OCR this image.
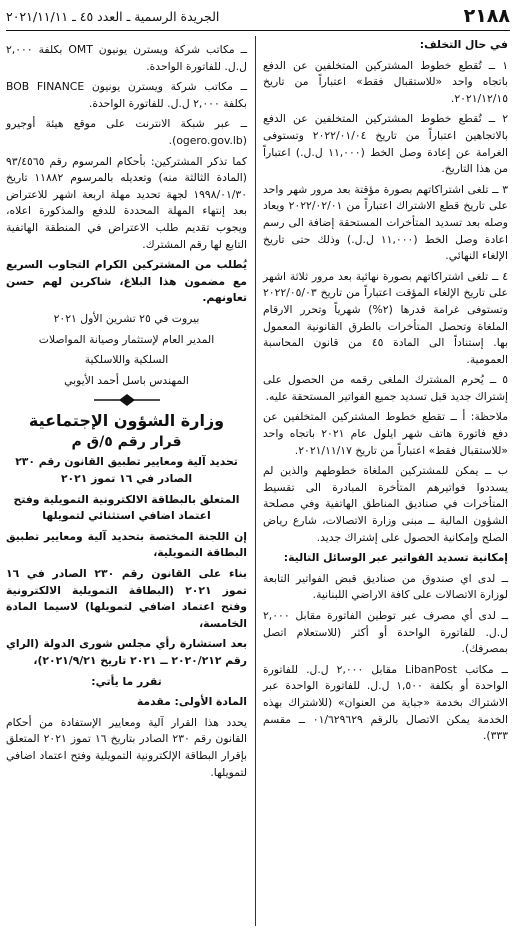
٢١٨٨
الجريدة الرسمية ـ العدد ٤٥ ـ ٢٠٢١/١١/١١

في حال التخلف:

١ ــ تُقطع خطوط المشتركين المتخلفين عن الدفع باتجاه واحد «للاستقبال فقط» اعتباراً من تاريخ ٢٠٢١/١٢/١٥.

٢ ــ تُقطع خطوط المشتركين المتخلفين عن الدفع بالاتجاهين اعتباراً من تاريخ ٢٠٢٢/٠١/٠٤ وتستوفى الغرامة عن إعادة وصل الخط (١١,٠٠٠ ل.ل.) اعتباراً من هذا التاريخ.

٣ ــ تلغى اشتراكاتهم بصورة مؤقتة بعد مرور شهر واحد على تاريخ قطع الاشتراك اعتباراً من ٢٠٢٢/٠٢/٠١ ويعاد وصله بعد تسديد المتأخرات المستحقة إضافة الى رسم اعادة وصل الخط (١١,٠٠٠ ل.ل.) وذلك حتى تاريخ الإلغاء النهائي.

٤ ــ تلغى اشتراكاتهم بصورة نهائية بعد مرور ثلاثة اشهر على تاريخ الإلغاء المؤقت اعتباراً من تاريخ ٢٠٢٢/٠٥/٠٣ وتستوفى غرامة قدرها (٢%) شهرياً وتحرر الارقام الملغاة وتحصل المتأخرات بالطرق القانونية المعمول بها. إستناداً الى المادة ٤٥ من قانون المحاسبة العمومية.

٥ ــ يُحرم المشترك الملغى رقمه من الحصول على إشتراك جديد قبل تسديد جميع الفواتير المستحقة عليه.

ملاحظة: أ ــ تقطع خطوط المشتركين المتخلفين عن دفع فاتورة هاتف شهر ايلول عام ٢٠٢١ باتجاه واحد «للاستقبال فقط» اعتباراً من تاريخ ٢٠٢١/١١/١٧.

ب ــ يمكن للمشتركين الملغاة خطوطهم والذين لم يسددوا فواتيرهم المتأخرة المبادرة الى تقسيط المتأخرات في صناديق المناطق الهاتفية وفي مصلحة الشؤون المالية ــ مبنى وزارة الاتصالات، شارع رياض الصلح وإمكانية الحصول على إشتراك جديد.

إمكانية تسديد الفواتير عبر الوسائل التالية:

ــ لدى اي صندوق من صناديق قبض الفواتير التابعة لوزارة الاتصالات على كافة الاراضي اللبنانية.

ــ لدى أي مصرف عبر توطين الفاتورة مقابل ٢,٠٠٠ ل.ل. للفاتورة الواحدة أو أكثر (للاستعلام اتصل بمصرفك).

ــ مكاتب LibanPost مقابل ٢,٠٠٠ ل.ل. للفاتورة الواحدة أو بكلفة ١,٥٠٠ ل.ل. للفاتورة الواحدة عبر الاشتراك بخدمة «جباية من العنوان» (للاشتراك بهذه الخدمة يمكن الاتصال بالرقم ٠١/٦٢٩٦٢٩ ــ مقسم ٣٣٣).

ــ مكاتب شركة ويسترن يونيون OMT بكلفة ٢,٠٠٠ ل.ل. للفاتورة الواحدة.

ــ مكاتب شركة ويسترن يونيون BOB FINANCE بكلفة ٢,٠٠٠ ل.ل. للفاتورة الواحدة.

ــ عبر شبكة الانترنت على موقع هيئة أوجيرو (ogero.gov.lb).

كما تذكر المشتركين: بأحكام المرسوم رقم ٩٣/٤٥٦٥ (المادة الثالثة منه) وتعديله بالمرسوم ١١٨٨٢ تاريخ ١٩٩٨/٠١/٣٠ لجهة تحديد مهلة اربعة اشهر للاعتراض بعد إنتهاء المهلة المحددة للدفع والمذكورة اعلاه، ويجوب تقديم طلب الاعتراض في المنطقة الهاتفية التابع لها رقم المشترك.

يُطلب من المشتركين الكرام التجاوب السريع مع مضمون هذا البلاغ، شاكرين لهم حسن تعاونهم.

بيروت في ٢٥ تشرين الأول ٢٠٢١

المدير العام لإستثمار وصيانة المواصلات

السلكية واللاسلكية

المهندس باسل أحمد الأيوبي

وزارة الشؤون الإجتماعية
قرار رقم ٥/ق م

تحديد آلية ومعايير تطبيق القانون رقم ٢٣٠ الصادر في ١٦ تموز ٢٠٢١

المتعلق بالبطاقة الالكترونية التمويلية وفتح اعتماد اضافي استثنائي لتمويلها

إن اللجنة المختصة بتحديد آلية ومعايير تطبيق البطاقة التمويلية،

بناء على القانون رقم ٢٣٠ الصادر في ١٦ تموز ٢٠٢١ (البطاقة التمويلية الالكترونية وفتح اعتماد اضافي لتمويلها) لاسيما المادة الخامسة،

بعد استشارة رأي مجلس شورى الدولة (الراي رقم ٢٠٢٠/٢١٢ ــ ٢٠٢١ تاريخ ٢٠٢١/٩/٢١)،

تقرر ما يأتي:

المادة الأولى: مقدمة

يحدد هذا القرار آلية ومعايير الإستفادة من أحكام القانون رقم ٢٣٠ الصادر بتاريخ ١٦ تموز ٢٠٢١ المتعلق بإقرار البطاقة الإلكترونية التمويلية وفتح اعتماد اضافي لتمويلها.
